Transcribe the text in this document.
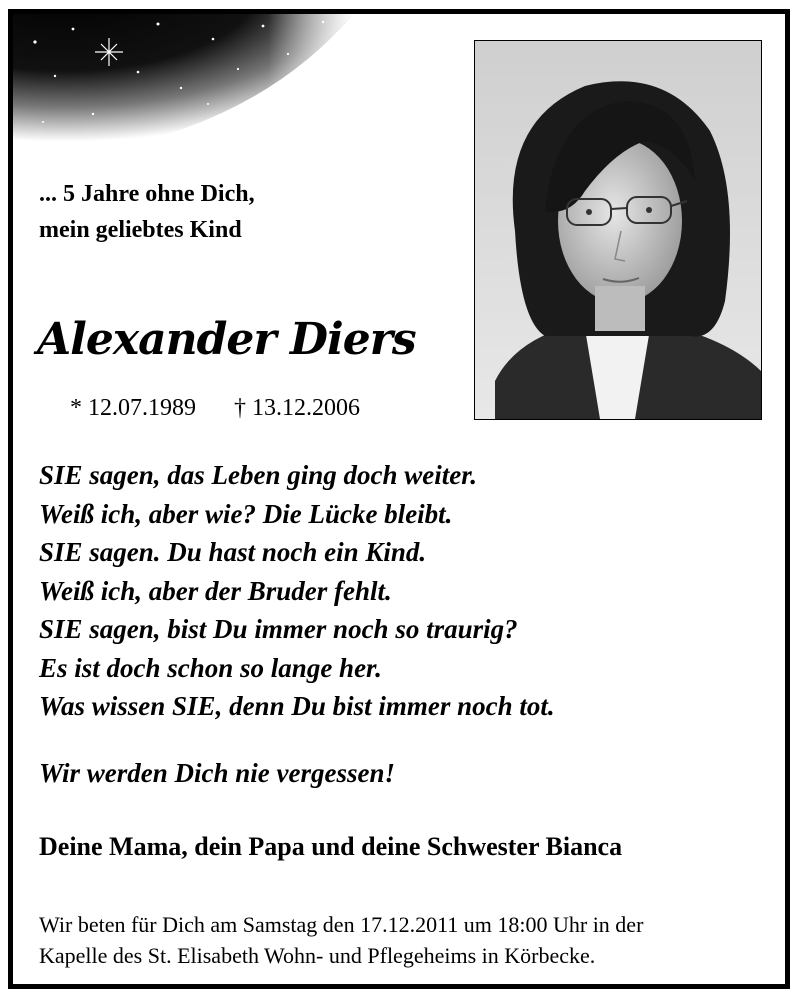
... 5 Jahre ohne Dich,
mein geliebtes Kind
Alexander Diers
* 12.07.1989 † 13.12.2006
SIE sagen, das Leben ging doch weiter.
Weiß ich, aber wie? Die Lücke bleibt.
SIE sagen. Du hast noch ein Kind.
Weiß ich, aber der Bruder fehlt.
SIE sagen, bist Du immer noch so traurig?
Es ist doch schon so lange her.
Was wissen SIE, denn Du bist immer noch tot.
Wir werden Dich nie vergessen!
Deine Mama, dein Papa und deine Schwester Bianca
Wir beten für Dich am Samstag den 17.12.2011 um 18:00 Uhr in der
Kapelle des St. Elisabeth Wohn- und Pflegeheims in Körbecke.
